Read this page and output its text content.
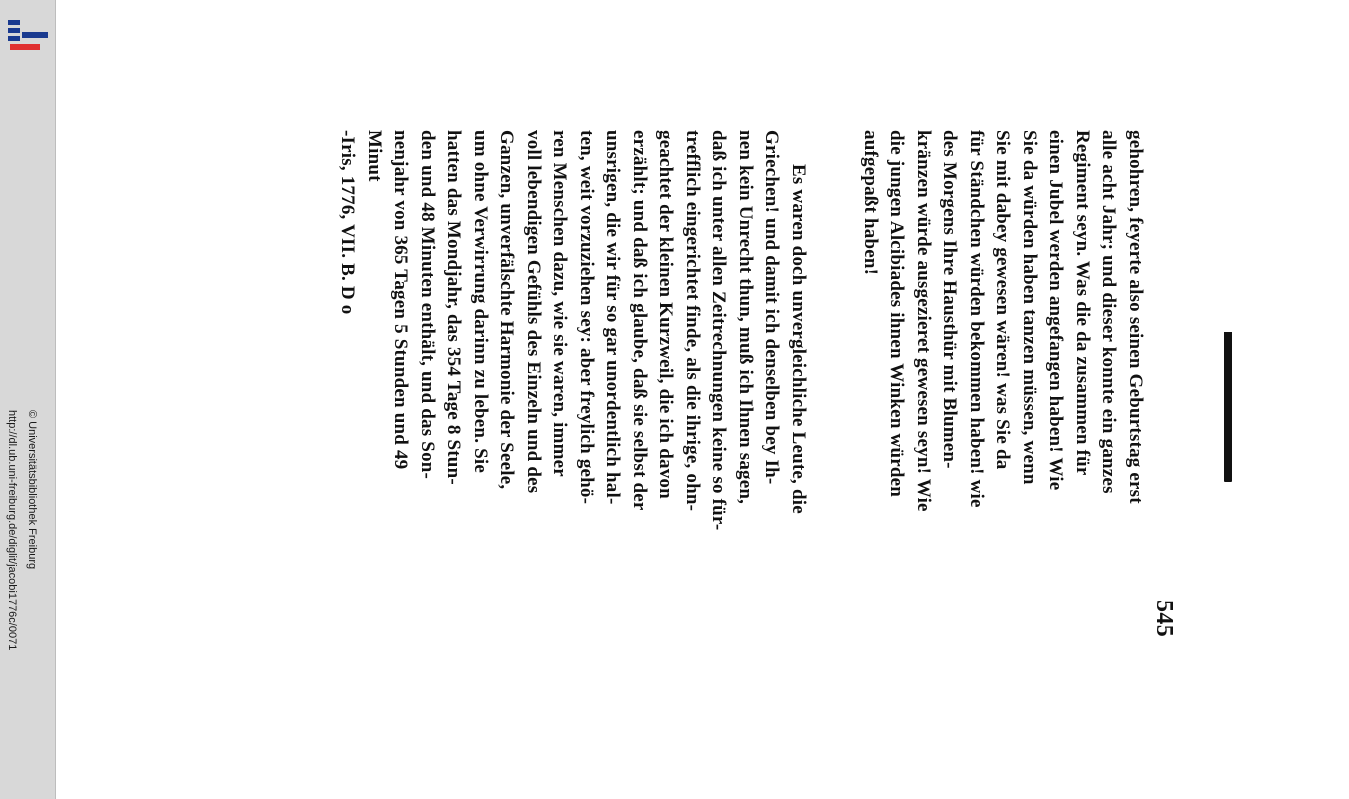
http://dl.ub.uni-freiburg.de/diglit/jacobi1776c/0071 © Universitätsbibliothek Freiburg
545
gehohren, feyerte also seinen Geburtstag erst
alle acht Jahr; und dieser konnte ein ganzes
Regiment seyn. Was die da zusammen für
einen Jubel werden angefangen haben! Wie
Sie da würden haben tanzen müssen, wenn
Sie mit dabey gewesen wären! was Sie da
für Ständchen würden bekommen haben! wie
des Morgens Ihre Hausthür mit Blumen-
kränzen würde ausgezieret gewesen seyn! Wie
die jungen Alcibiades ihnen Winken würden
aufgepaßt haben!
Es waren doch unvergleichliche Leute, die
Griechen! und damit ich denselben bey Ih-
nen kein Unrecht thun, muß ich Ihnen sagen,
daß ich unter allen Zeitrechnungen keine so für-
trefflich eingerichtet finde, als die ihrige, ohn-
geachtet der kleinen Kurzweil, die ich davon
erzählt; und daß ich glaube, daß sie selbst der
unsrigen, die wir für so gar unordentlich hal-
ten, weit vorzuziehen sey: aber freylich gehö-
ren Menschen dazu, wie sie waren, immer
voll lebendigen Gefühls des Einzeln und des
Ganzen, unverfälschte Harmonie der Seele,
um ohne Verwirrung darinn zu leben. Sie
hatten das Mondjahr, das 354 Tage 8 Stun-
den und 48 Minuten enthält, und das Son-
nenjahr von 365 Tagen 5 Stunden und 49
Minut
-Iris, 1776, VII. B. D o
